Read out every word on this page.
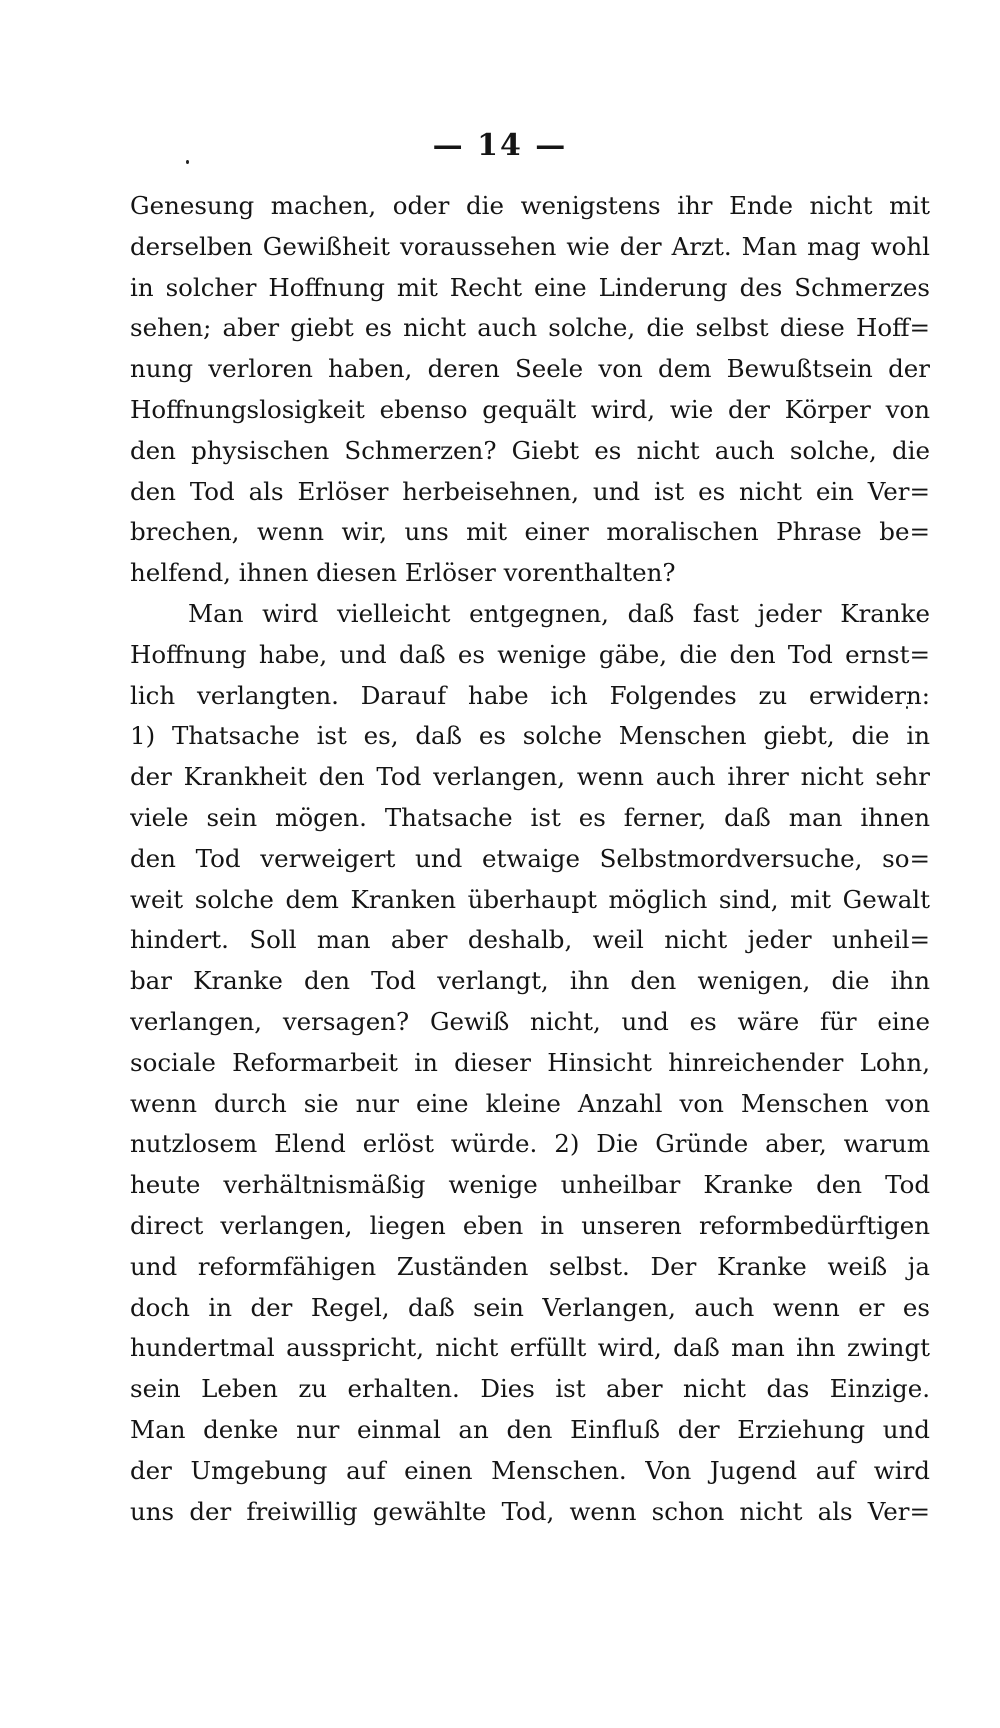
— 14 —
Genesung machen, oder die wenigstens ihr Ende nicht mit
derselben Gewißheit voraussehen wie der Arzt. Man mag wohl
in solcher Hoffnung mit Recht eine Linderung des Schmerzes
sehen; aber giebt es nicht auch solche, die selbst diese Hoff=
nung verloren haben, deren Seele von dem Bewußtsein der
Hoffnungslosigkeit ebenso gequält wird, wie der Körper von
den physischen Schmerzen? Giebt es nicht auch solche, die
den Tod als Erlöser herbeisehnen, und ist es nicht ein Ver=
brechen, wenn wir, uns mit einer moralischen Phrase be=
helfend, ihnen diesen Erlöser vorenthalten?
Man wird vielleicht entgegnen, daß fast jeder Kranke
Hoffnung habe, und daß es wenige gäbe, die den Tod ernst=
lich verlangten. Darauf habe ich Folgendes zu erwidern:
1) Thatsache ist es, daß es solche Menschen giebt, die in
der Krankheit den Tod verlangen, wenn auch ihrer nicht sehr
viele sein mögen. Thatsache ist es ferner, daß man ihnen
den Tod verweigert und etwaige Selbstmordversuche, so=
weit solche dem Kranken überhaupt möglich sind, mit Gewalt
hindert. Soll man aber deshalb, weil nicht jeder unheil=
bar Kranke den Tod verlangt, ihn den wenigen, die ihn
verlangen, versagen? Gewiß nicht, und es wäre für eine
sociale Reformarbeit in dieser Hinsicht hinreichender Lohn,
wenn durch sie nur eine kleine Anzahl von Menschen von
nutzlosem Elend erlöst würde. 2) Die Gründe aber, warum
heute verhältnismäßig wenige unheilbar Kranke den Tod
direct verlangen, liegen eben in unseren reformbedürftigen
und reformfähigen Zuständen selbst. Der Kranke weiß ja
doch in der Regel, daß sein Verlangen, auch wenn er es
hundertmal ausspricht, nicht erfüllt wird, daß man ihn zwingt
sein Leben zu erhalten. Dies ist aber nicht das Einzige.
Man denke nur einmal an den Einfluß der Erziehung und
der Umgebung auf einen Menschen. Von Jugend auf wird
uns der freiwillig gewählte Tod, wenn schon nicht als Ver=
